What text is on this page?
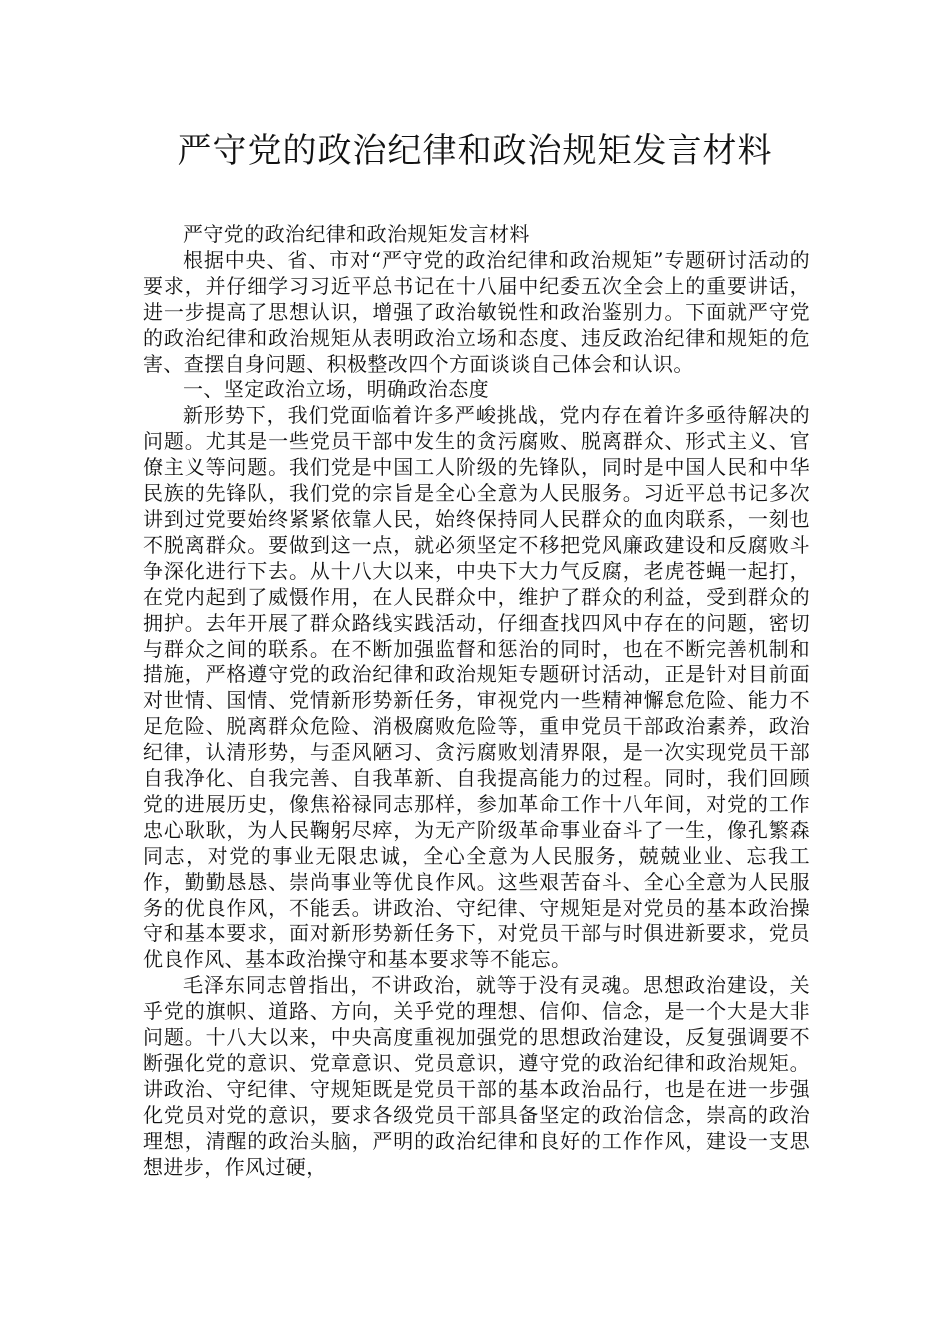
严守党的政治纪律和政治规矩发言材料

严守党的政治纪律和政治规矩发言材料

根据中央、省、市对“严守党的政治纪律和政治规矩”专题研讨活动的要求，并仔细学习习近平总书记在十八届中纪委五次全会上的重要讲话，进一步提高了思想认识，增强了政治敏锐性和政治鉴别力。下面就严守党的政治纪律和政治规矩从表明政治立场和态度、违反政治纪律和规矩的危害、查摆自身问题、积极整改四个方面谈谈自己体会和认识。

一、坚定政治立场，明确政治态度

新形势下，我们党面临着许多严峻挑战，党内存在着许多亟待解决的问题。尤其是一些党员干部中发生的贪污腐败、脱离群众、形式主义、官僚主义等问题。我们党是中国工人阶级的先锋队，同时是中国人民和中华民族的先锋队，我们党的宗旨是全心全意为人民服务。习近平总书记多次讲到过党要始终紧紧依靠人民，始终保持同人民群众的血肉联系，一刻也不脱离群众。要做到这一点，就必须坚定不移把党风廉政建设和反腐败斗争深化进行下去。从十八大以来，中央下大力气反腐，老虎苍蝇一起打，在党内起到了威慑作用，在人民群众中，维护了群众的利益，受到群众的拥护。去年开展了群众路线实践活动，仔细查找四风中存在的问题，密切与群众之间的联系。在不断加强监督和惩治的同时，也在不断完善机制和措施，严格遵守党的政治纪律和政治规矩专题研讨活动，正是针对目前面对世情、国情、党情新形势新任务，审视党内一些精神懈怠危险、能力不足危险、脱离群众危险、消极腐败危险等，重申党员干部政治素养，政治纪律，认清形势，与歪风陋习、贪污腐败划清界限，是一次实现党员干部自我净化、自我完善、自我革新、自我提高能力的过程。同时，我们回顾党的进展历史，像焦裕禄同志那样，参加革命工作十八年间，对党的工作忠心耿耿，为人民鞠躬尽瘁，为无产阶级革命事业奋斗了一生，像孔繁森同志，对党的事业无限忠诚，全心全意为人民服务，兢兢业业、忘我工作，勤勤恳恳、崇尚事业等优良作风。这些艰苦奋斗、全心全意为人民服务的优良作风，不能丢。讲政治、守纪律、守规矩是对党员的基本政治操守和基本要求，面对新形势新任务下，对党员干部与时俱进新要求，党员优良作风、基本政治操守和基本要求等不能忘。

毛泽东同志曾指出，不讲政治，就等于没有灵魂。思想政治建设，关乎党的旗帜、道路、方向，关乎党的理想、信仰、信念，是一个大是大非问题。十八大以来，中央高度重视加强党的思想政治建设，反复强调要不断强化党的意识、党章意识、党员意识，遵守党的政治纪律和政治规矩。讲政治、守纪律、守规矩既是党员干部的基本政治品行，也是在进一步强化党员对党的意识，要求各级党员干部具备坚定的政治信念，崇高的政治理想，清醒的政治头脑，严明的政治纪律和良好的工作作风，建设一支思想进步，作风过硬，
